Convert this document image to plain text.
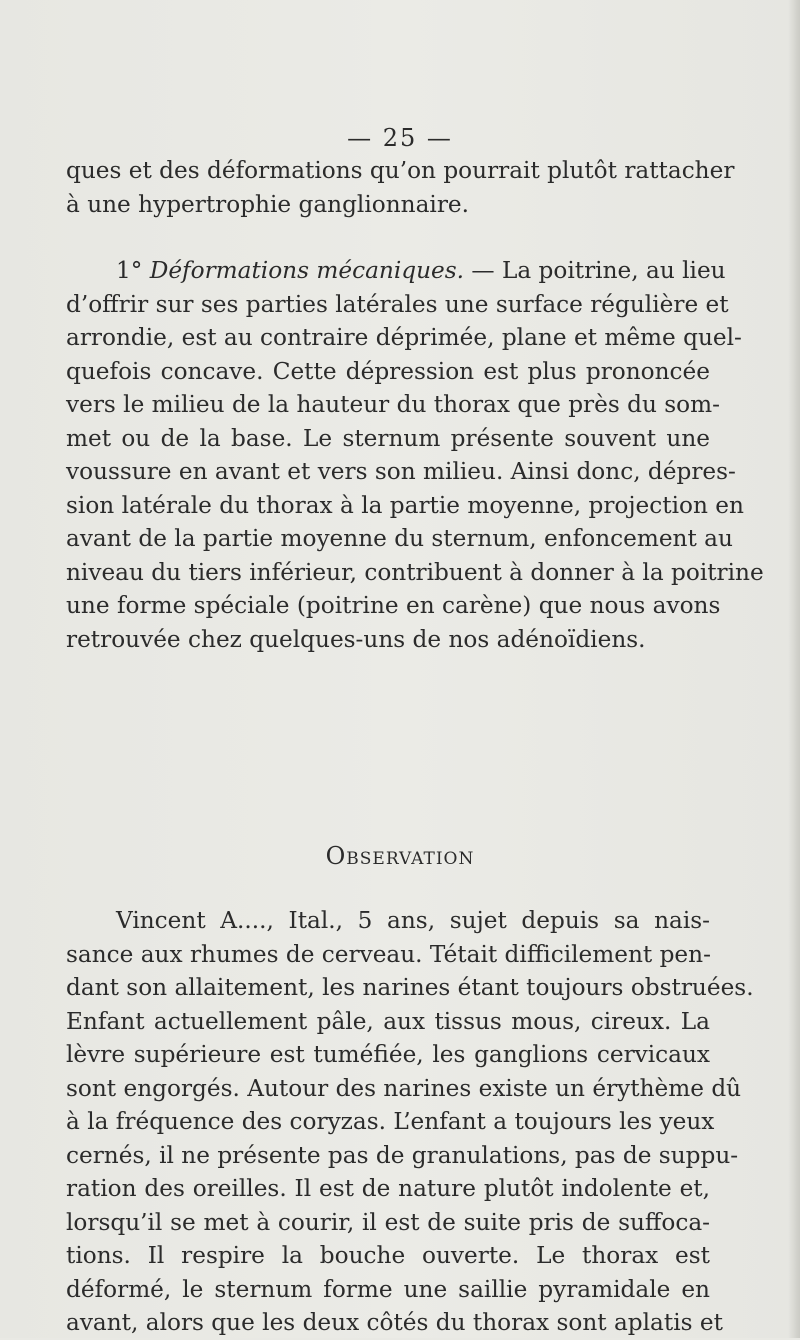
— 25 —
ques et des déformations qu’on pourrait plutôt rattacher
à une hypertrophie ganglionnaire.
1° Déformations mécaniques. — La poitrine, au lieu
d’offrir sur ses parties latérales une surface régulière et
arrondie, est au contraire déprimée, plane et même quel-
quefois concave. Cette dépression est plus prononcée
vers le milieu de la hauteur du thorax que près du som-
met ou de la base. Le sternum présente souvent une
voussure en avant et vers son milieu. Ainsi donc, dépres-
sion latérale du thorax à la partie moyenne, projection en
avant de la partie moyenne du sternum, enfoncement au
niveau du tiers inférieur, contribuent à donner à la poitrine
une forme spéciale (poitrine en carène) que nous avons
retrouvée chez quelques-uns de nos adénoïdiens.
Observation
Vincent A...., Ital., 5 ans, sujet depuis sa nais-
sance aux rhumes de cerveau. Tétait difficilement pen-
dant son allaitement, les narines étant toujours obstruées.
Enfant actuellement pâle, aux tissus mous, cireux. La
lèvre supérieure est tuméfiée, les ganglions cervicaux
sont engorgés. Autour des narines existe un érythème dû
à la fréquence des coryzas. L’enfant a toujours les yeux
cernés, il ne présente pas de granulations, pas de suppu-
ration des oreilles. Il est de nature plutôt indolente et,
lorsqu’il se met à courir, il est de suite pris de suffoca-
tions. Il respire la bouche ouverte. Le thorax est
déformé, le sternum forme une saillie pyramidale en
avant, alors que les deux côtés du thorax sont aplatis et
